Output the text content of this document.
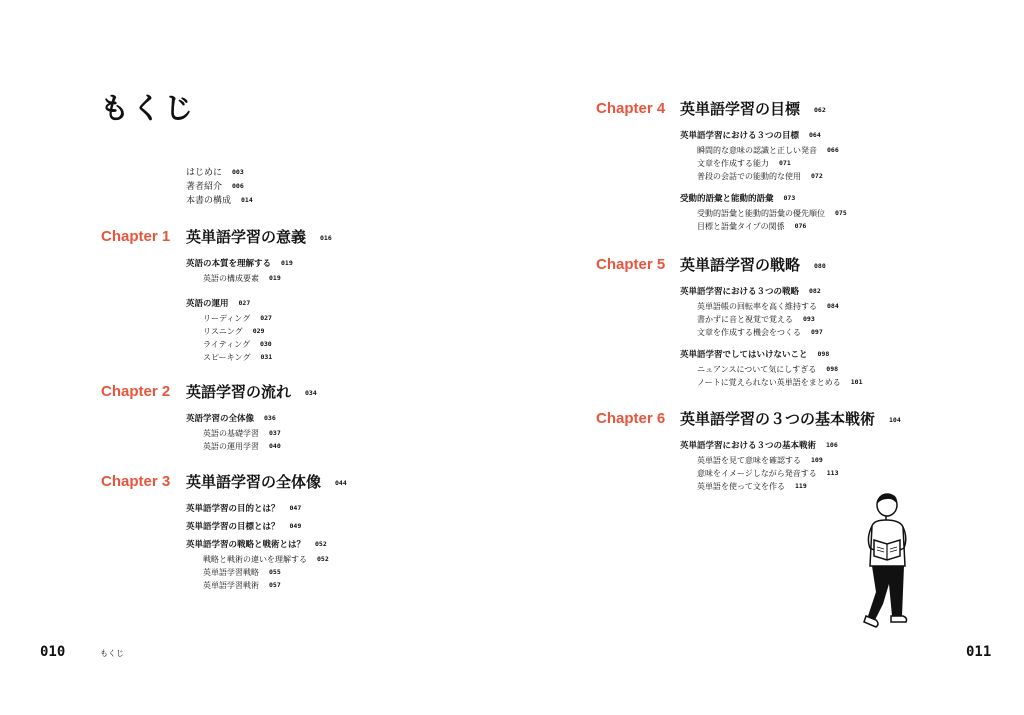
もくじ
はじめに 003
著者紹介 006
本書の構成 014
Chapter 1 英単語学習の意義 016
英語の本質を理解する 019
英語の構成要素 019
英語の運用 027
リーディング 027
リスニング 029
ライティング 030
スピーキング 031
Chapter 2 英語学習の流れ 034
英語学習の全体像 036
英語の基礎学習 037
英語の運用学習 040
Chapter 3 英単語学習の全体像 044
英単語学習の目的とは？ 047
英単語学習の目標とは？ 049
英単語学習の戦略と戦術とは？ 052
戦略と戦術の違いを理解する 052
英単語学習戦略 055
英単語学習戦術 057
010	もくじ
Chapter 4 英単語学習の目標 062
英単語学習における３つの目標 064
瞬間的な意味の認識と正しい発音 066
文章を作成する能力 071
普段の会話での能動的な使用 072
受動的語彙と能動的語彙 073
受動的語彙と能動的語彙の優先順位 075
目標と語彙タイプの関係 076
Chapter 5 英単語学習の戦略 080
英単語学習における３つの戦略 082
英単語帳の回転率を高く維持する 084
書かずに音と視覚で覚える 093
文章を作成する機会をつくる 097
英単語学習でしてはいけないこと 098
ニュアンスについて気にしすぎる 098
ノートに覚えられない英単語をまとめる 101
Chapter 6 英単語学習の３つの基本戦術 104
英単語学習における３つの基本戦術 106
英単語を見て意味を確認する 109
意味をイメージしながら発音する 113
英単語を使って文を作る 119
011
